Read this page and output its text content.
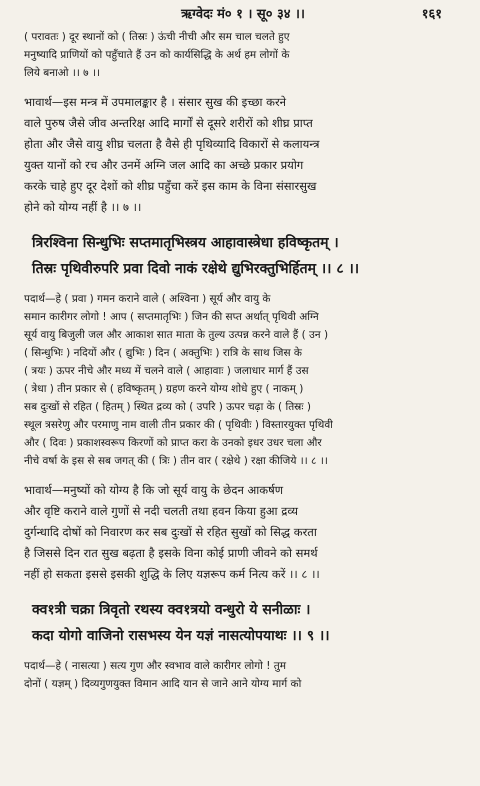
ऋग्वेदः मं० १ । सू० ३४ ।।	१६१

( परावतः ) दूर स्थानों को ( तिस्रः ) ऊंची नीची और सम चाल चलते हुए

मनुष्यादि प्राणियों को पहुँचाते हैं उन को कार्यसिद्धि के अर्थ हम लोगों के

लिये बनाओ ।। ७ ।।

भावार्थ—इस मन्त्र में उपमालङ्कार है । संसार सुख की इच्छा करने

वाले पुरुष जैसे जीव अन्तरिक्ष आदि मार्गों से दूसरे शरीरों को शीघ्र प्राप्त

होता और जैसे वायु शीघ्र चलता है वैसे ही पृथिव्यादि विकारों से कलायन्त्र

युक्त यानों को रच और उनमें अग्नि जल आदि का अच्छे प्रकार प्रयोग

करके चाहे हुए दूर देशों को शीघ्र पहुँचा करें इस काम के विना संसारसुख

होने को योग्य नहीं है ।। ७ ।।

त्रिरश्विना सिन्धुभिः सप्तमातृभिस्त्रय आहावास्त्रेधा हविष्कृतम् ।

तिस्रः पृथिवीरुपरि प्रवा दिवो नाकं रक्षेथे द्युभिरक्तुभिर्हितम् ।। ८ ।।

पदार्थ—हे ( प्रवा ) गमन कराने वाले ( अश्विना ) सूर्य और वायु के

समान कारीगर लोगो ! आप ( सप्तमातृभिः ) जिन की सप्त अर्थात् पृथिवी अग्नि

सूर्य वायु बिजुली जल और आकाश सात माता के तुल्य उत्पन्न करने वाले हैं ( उन )

( सिन्धुभिः ) नदियों और ( द्युभिः ) दिन ( अक्तुभिः ) रात्रि के साथ जिस के

( त्रयः ) ऊपर नीचे और मध्य में चलने वाले ( आहावाः ) जलाधार मार्ग हैं उस

( त्रेधा ) तीन प्रकार से ( हविष्कृतम् ) ग्रहण करने योग्य शोधे हुए ( नाकम् )

सब दुःखों से रहित ( हितम् ) स्थित द्रव्य को ( उपरि ) ऊपर चढ़ा के ( तिस्रः )

स्थूल त्रसरेणु और परमाणु नाम वाली तीन प्रकार की ( पृथिवीः ) विस्तारयुक्त पृथिवी

और ( दिवः ) प्रकाशस्वरूप किरणों को प्राप्त करा के उनको इधर उधर चला और

नीचे वर्षा के इस से सब जगत् की ( त्रिः ) तीन वार ( रक्षेथे ) रक्षा कीजिये ।। ८ ।।

भावार्थ—मनुष्यों को योग्य है कि जो सूर्य वायु के छेदन आकर्षण

और वृष्टि कराने वाले गुणों से नदी चलती तथा हवन किया हुआ द्रव्य

दुर्गन्धादि दोषों को निवारण कर सब दुःखों से रहित सुखों को सिद्ध करता

है जिससे दिन रात सुख बढ़ता है इसके विना कोई प्राणी जीवने को समर्थ

नहीं हो सकता इससे इसकी शुद्धि के लिए यज्ञरूप कर्म नित्य करें ।। ८ ।।

क्व१त्री चक्रा त्रिवृतो रथस्य क्व१त्रयो वन्धुरो ये सनीळाः ।

कदा योगो वाजिनो रासभस्य येन यज्ञं नासत्योपयाथः ।। ९ ।।

पदार्थ—हे ( नासत्या ) सत्य गुण और स्वभाव वाले कारीगर लोगो ! तुम

दोनों ( यज्ञम् ) दिव्यगुणयुक्त विमान आदि यान से जाने आने योग्य मार्ग को
